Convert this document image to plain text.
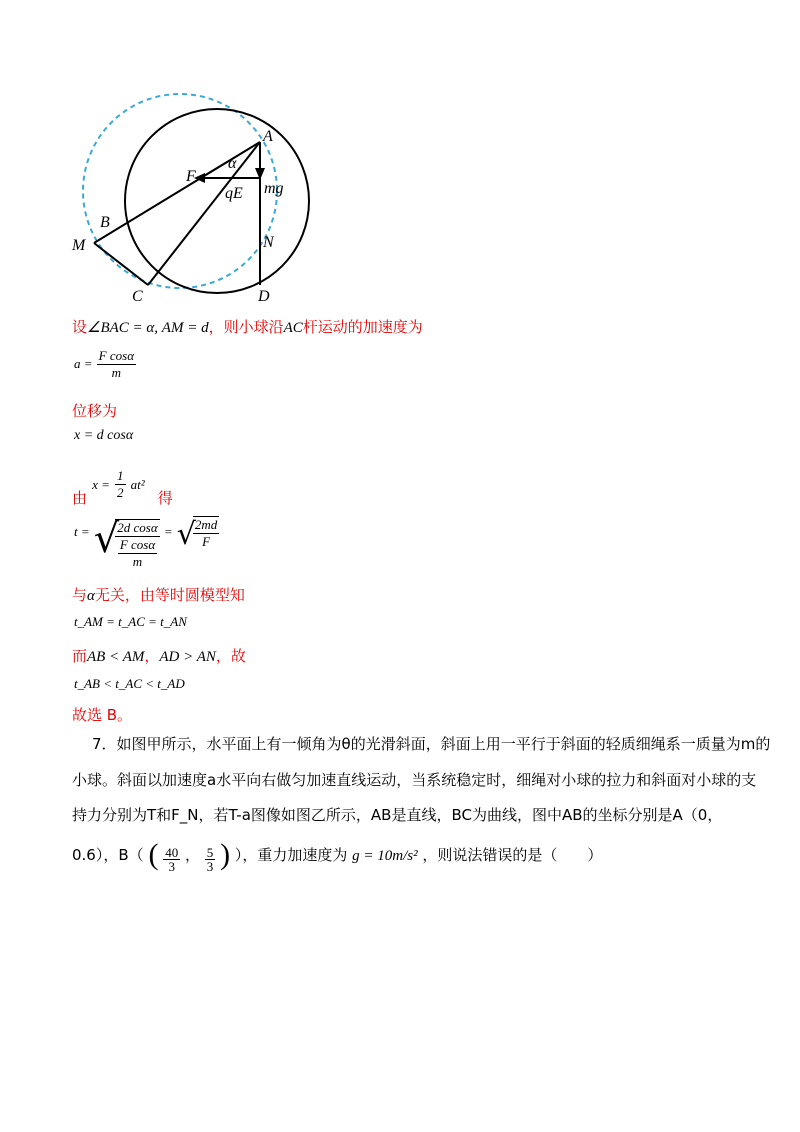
A
F
α
qE mg
B
M	N
C	D
设∠BAC = α, AM = d，则小球沿AC杆运动的加速度为
$a = \frac{\text{F cosα}}{m}$
位移为
x = d cosα
由 $x = \frac{1}{2} at^2$ 得
t = √
$\frac{\text{2d cosα}}{\frac{\text{F cosα}}{m}}$ = √
$\frac{2md}{F}$
与α无关，由等时圆模型知
t_AM = t_AC = t_AN
而AB < AM，AD > AN，故
t_AB < t_AC < t_AD
故选 B。
7．如图甲所示，水平面上有一倾角为θ的光滑斜面，斜面上用一平行于斜面的轻质细绳系一质量为m的
小球。斜面以加速度a水平向右做匀加速直线运动，当系统稳定时，细绳对小球的拉力和斜面对小球的支
持力分别为T和F_N，若T-a图像如图乙所示，AB是直线，BC为曲线，图中AB的坐标分别是A（0，
0.6），B（ ( $\frac{40}{3}$ ， $\frac{5}{3}$ ) ），重力加速度为 g = 10m/s² ，则说法错误的是（　　）
